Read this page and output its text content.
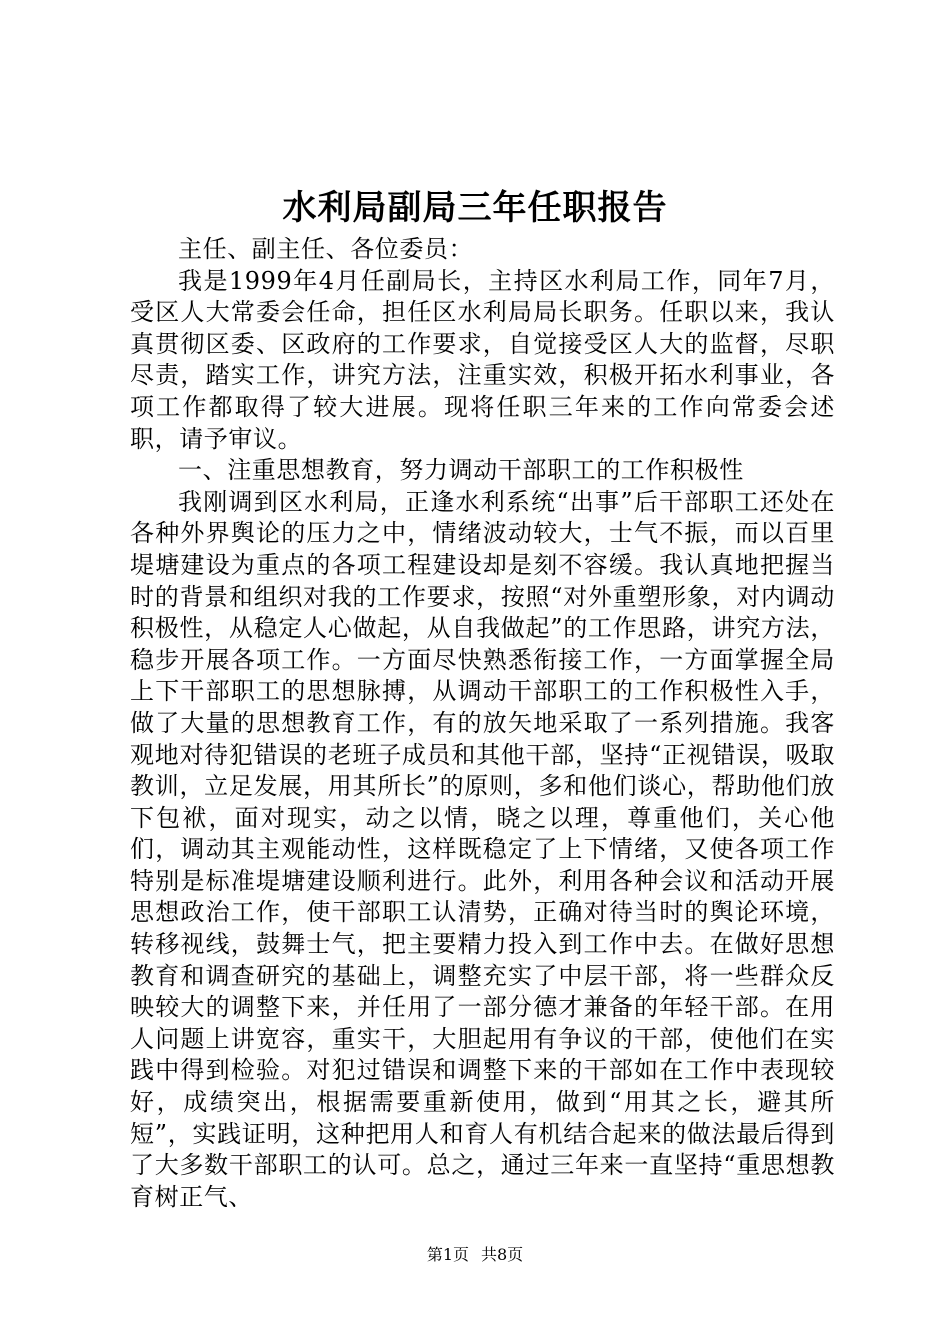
水利局副局三年任职报告

主任、副主任、各位委员：

我是1999年4月任副局长，主持区水利局工作，同年7月，受区人大常委会任命，担任区水利局局长职务。任职以来，我认真贯彻区委、区政府的工作要求，自觉接受区人大的监督，尽职尽责，踏实工作，讲究方法，注重实效，积极开拓水利事业，各项工作都取得了较大进展。现将任职三年来的工作向常委会述职，请予审议。

一、注重思想教育，努力调动干部职工的工作积极性

我刚调到区水利局，正逢水利系统“出事”后干部职工还处在各种外界舆论的压力之中，情绪波动较大，士气不振，而以百里堤塘建设为重点的各项工程建设却是刻不容缓。我认真地把握当时的背景和组织对我的工作要求，按照“对外重塑形象，对内调动积极性，从稳定人心做起，从自我做起”的工作思路，讲究方法，稳步开展各项工作。一方面尽快熟悉衔接工作，一方面掌握全局上下干部职工的思想脉搏，从调动干部职工的工作积极性入手，做了大量的思想教育工作，有的放矢地采取了一系列措施。我客观地对待犯错误的老班子成员和其他干部，坚持“正视错误，吸取教训，立足发展，用其所长”的原则，多和他们谈心，帮助他们放下包袱，面对现实，动之以情，晓之以理，尊重他们，关心他们，调动其主观能动性，这样既稳定了上下情绪，又使各项工作特别是标准堤塘建设顺利进行。此外，利用各种会议和活动开展思想政治工作，使干部职工认清势，正确对待当时的舆论环境，转移视线，鼓舞士气，把主要精力投入到工作中去。在做好思想教育和调查研究的基础上，调整充实了中层干部，将一些群众反映较大的调整下来，并任用了一部分德才兼备的年轻干部。在用人问题上讲宽容，重实干，大胆起用有争议的干部，使他们在实践中得到检验。对犯过错误和调整下来的干部如在工作中表现较好，成绩突出，根据需要重新使用，做到“用其之长，避其所短”，实践证明，这种把用人和育人有机结合起来的做法最后得到了大多数干部职工的认可。总之，通过三年来一直坚持“重思想教育树正气、

第1页 共8页
